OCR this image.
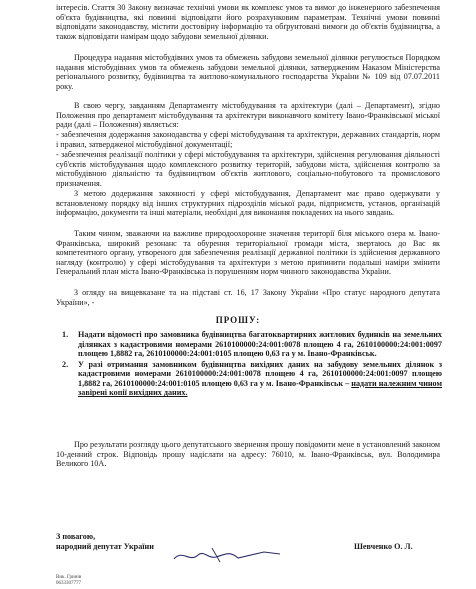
інтересів. Стаття 30 Закону визначає технічні умови як комплекс умов та вимог до інженерного забезпечення об'єкта будівництва, які повинні відповідати його розрахунковим параметрам. Технічні умови повинні відповідати законодавству, містити достовірну інформацію та обґрунтовані вимоги до об'єктів будівництва, а також відповідати намірам щодо забудови земельної ділянки.

Процедура надання містобудівних умов та обмежень забудови земельної ділянки регулюється Порядком надання містобудівних умов та обмежень забудови земельної ділянки, затвердженим Наказом Міністерства регіонального розвитку, будівництва та житлово-комунального господарства України № 109 від 07.07.2011 року.

В свою чергу, завданням Департаменту містобудування та архітектури (далі – Департамент), згідно Положення про департамент містобудування та архітектури виконавчого комітету Івано-Франківської міської ради (далі – Положення) являється:

- забезпечення додержання законодавства у сфері містобудування та архітектури, державних стандартів, норм і правил, затвердженої містобудівної документації;

- забезпечення реалізації політики у сфері містобудування та архітектури, здійснення регулювання діяльності суб'єктів містобудування щодо комплексного розвитку територій, забудови міста, здійснення контролю за містобудівною діяльністю та будівництвом об'єктів житлового, соціально-побутового та промислового призначення.

З метою додержання законності у сфері містобудування, Департамент має право одержувати у встановленому порядку від інших структурних підрозділів міської ради, підприємств, установ, організацій інформацію, документи та інші матеріали, необхідні для виконання покладених на нього завдань.

Таким чином, зважаючи на важливе природоохоронне значення території біля міського озера м. Івано-Франківська, широкий резонанс та обурення територіальної громади міста, звертаюсь до Вас як компетентного органу, утвореного для забезпечення реалізації державної політики із здійснення державного нагляду (контролю) у сфері містобудування та архітектури з метою припинити подальші наміри змінити Генеральний план міста Івано-Франківська із порушенням норм чинного законодавства України.

З огляду на вищевказане та на підставі ст. 16, 17 Закону України «Про статус народного депутата України», -

ПРОШУ:
1. Надати відомості про замовника будівництва багатоквартирних житлових будинків на земельних ділянках з кадастровими номерами 2610100000:24:001:0078 площею 4 га, 2610100000:24:001:0097 площею 1,8882 га, 2610100000:24:001:0105 площею 0,63 га у м. Івано-Франківськ.
2. У разі отримання замовником будівництва вихідних даних на забудову земельних ділянок з кадастровими номерами 2610100000:24:001:0078 площею 4 га, 2610100000:24:001:0097 площею 1,8882 га, 2610100000:24:001:0105 площею 0,63 га у м. Івано-Франківськ – надати належним чином завірені копії вихідних даних.

Про результати розгляду цього депутатського звернення прошу повідомити мене в установлений законом 10-денний строк. Відповідь прошу надіслати на адресу: 76010, м. Івано-Франківськ, вул. Володимира Великого 10А.

З повагою,
народний депутат України	Шевченко О. Л.
Вик. Гринів
0633307777
